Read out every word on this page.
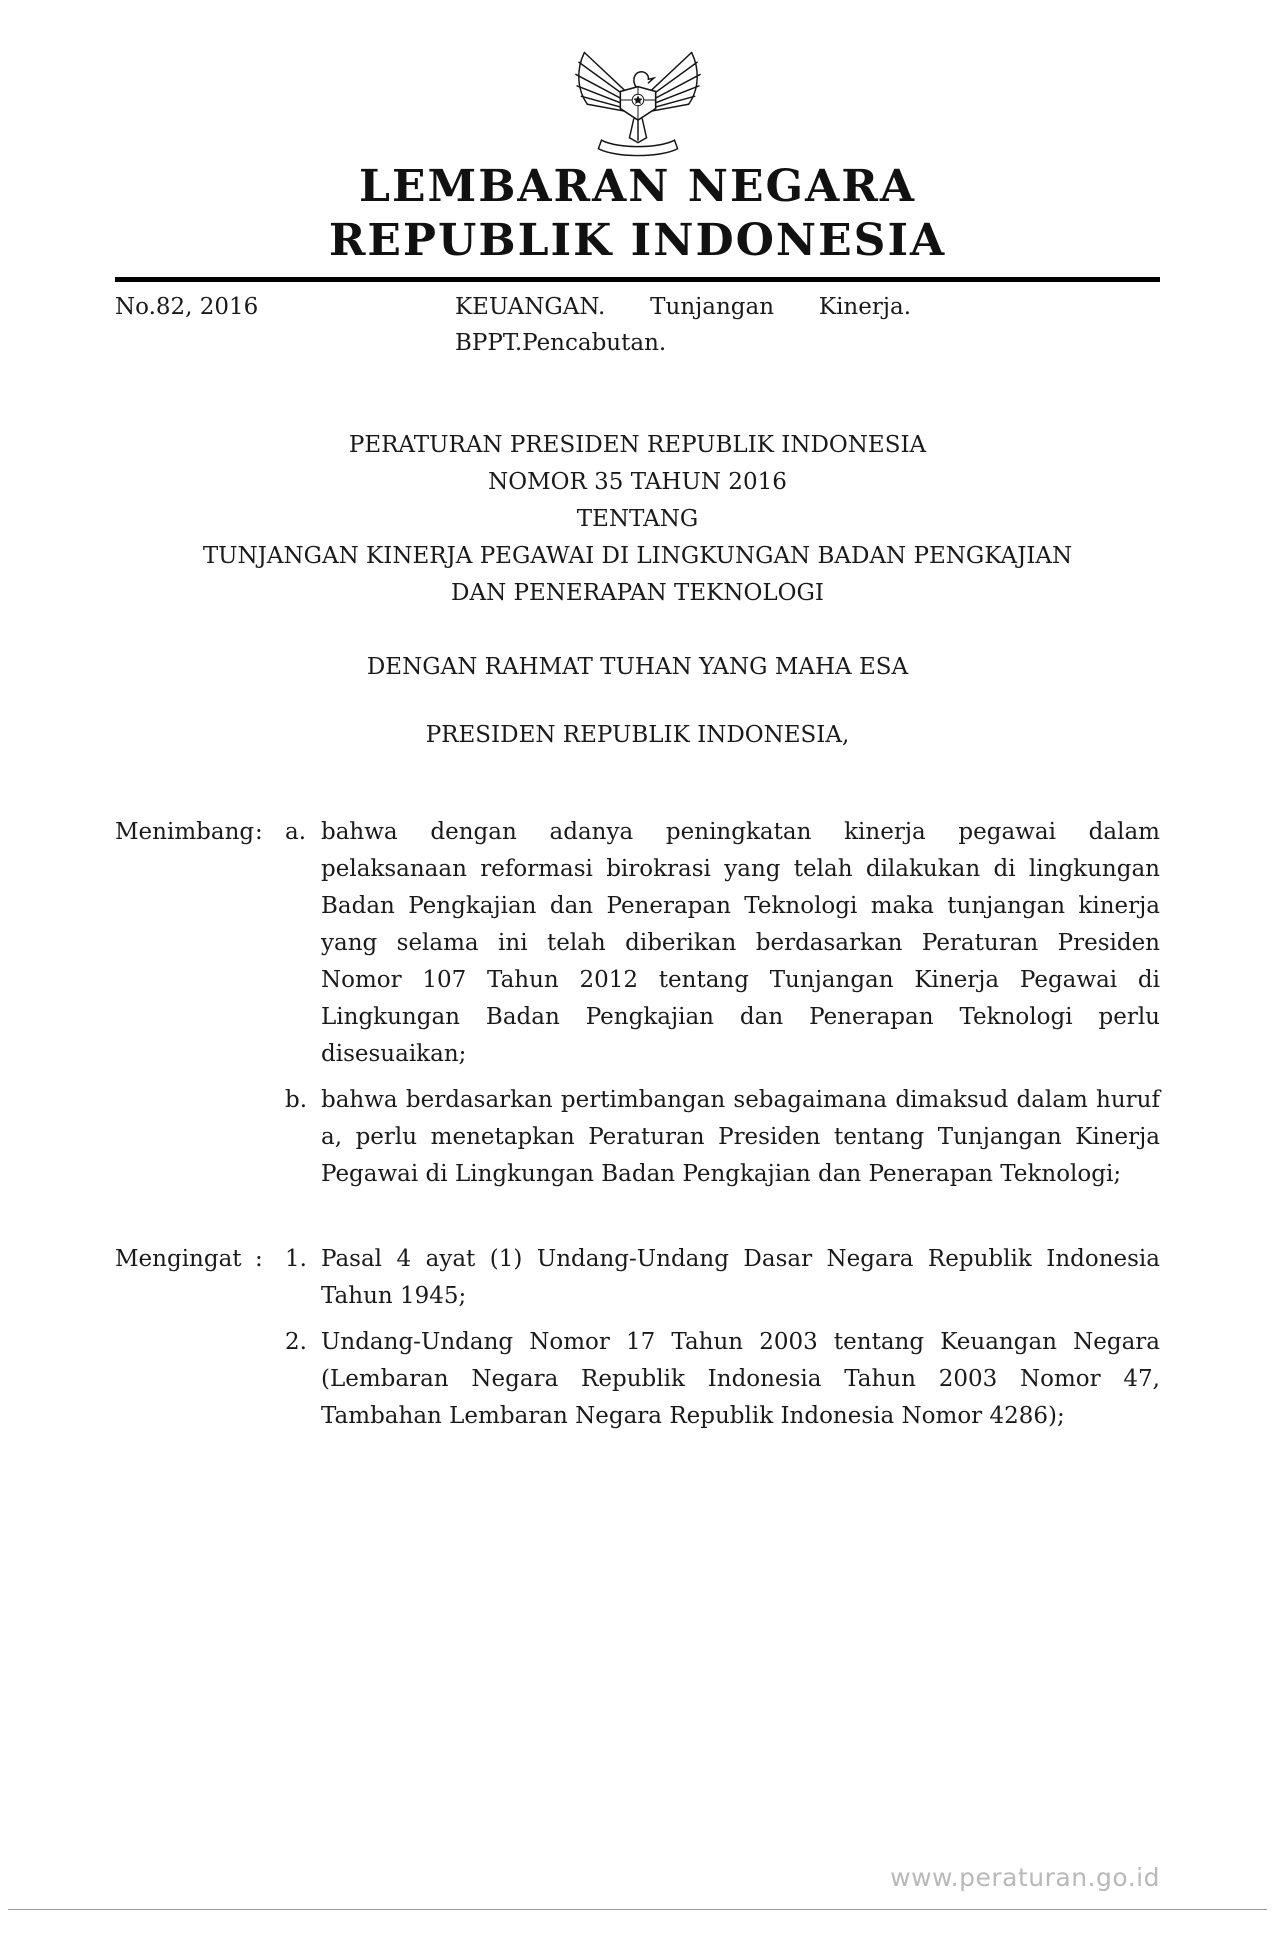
LEMBARAN NEGARA
REPUBLIK INDONESIA
No.82, 2016	KEUANGAN. Tunjangan Kinerja. BPPT.Pencabutan.

PERATURAN PRESIDEN REPUBLIK INDONESIA

NOMOR 35 TAHUN 2016

TENTANG

TUNJANGAN KINERJA PEGAWAI DI LINGKUNGAN BADAN PENGKAJIAN

DAN PENERAPAN TEKNOLOGI

DENGAN RAHMAT TUHAN YANG MAHA ESA

PRESIDEN REPUBLIK INDONESIA,

Menimbang : a. bahwa dengan adanya peningkatan kinerja pegawai dalam pelaksanaan reformasi birokrasi yang telah dilakukan di lingkungan Badan Pengkajian dan Penerapan Teknologi maka tunjangan kinerja yang selama ini telah diberikan berdasarkan Peraturan Presiden Nomor 107 Tahun 2012 tentang Tunjangan Kinerja Pegawai di Lingkungan Badan Pengkajian dan Penerapan Teknologi perlu disesuaikan;
b. bahwa berdasarkan pertimbangan sebagaimana dimaksud dalam huruf a, perlu menetapkan Peraturan Presiden tentang Tunjangan Kinerja Pegawai di Lingkungan Badan Pengkajian dan Penerapan Teknologi;
Mengingat : 1. Pasal 4 ayat (1) Undang-Undang Dasar Negara Republik Indonesia Tahun 1945;
2. Undang-Undang Nomor 17 Tahun 2003 tentang Keuangan Negara (Lembaran Negara Republik Indonesia Tahun 2003 Nomor 47, Tambahan Lembaran Negara Republik Indonesia Nomor 4286);
www.peraturan.go.id
